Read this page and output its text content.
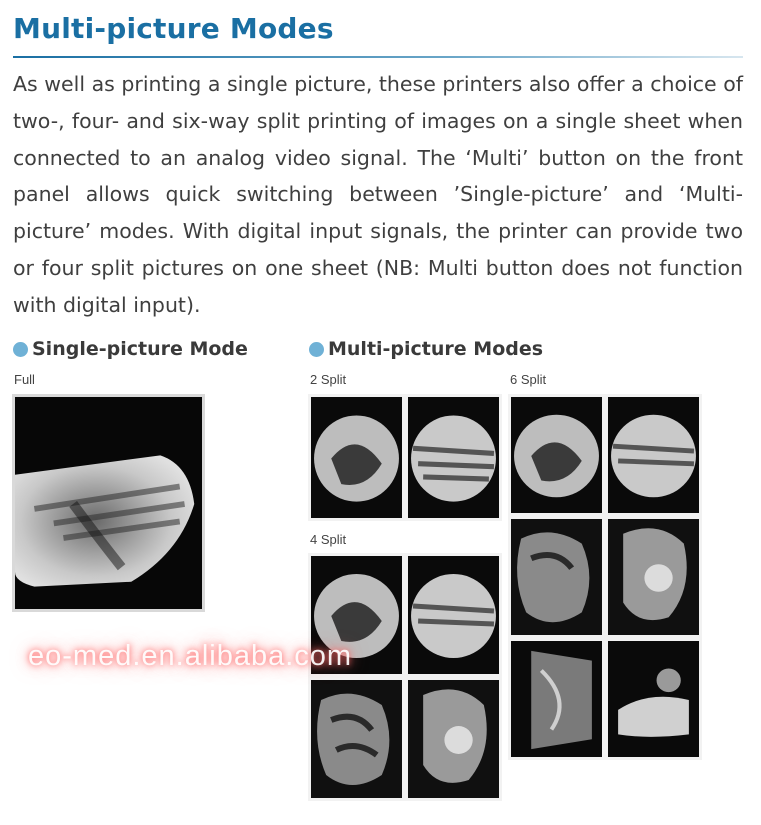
Multi-picture Modes

As well as printing a single picture, these printers also offer a choice of two-, four- and six-way split printing of images on a single sheet when connected to an analog video signal. The ‘Multi’ button on the front panel allows quick switching between ’Single-picture’ and ‘Multi-picture’ modes. With digital input signals, the printer can provide two or four split pictures on one sheet (NB: Multi button does not function with digital input).

Single-picture Mode
Full
Multi-picture Modes
2 Split	6 Split
4 Split
eo-med.en.alibaba.com
